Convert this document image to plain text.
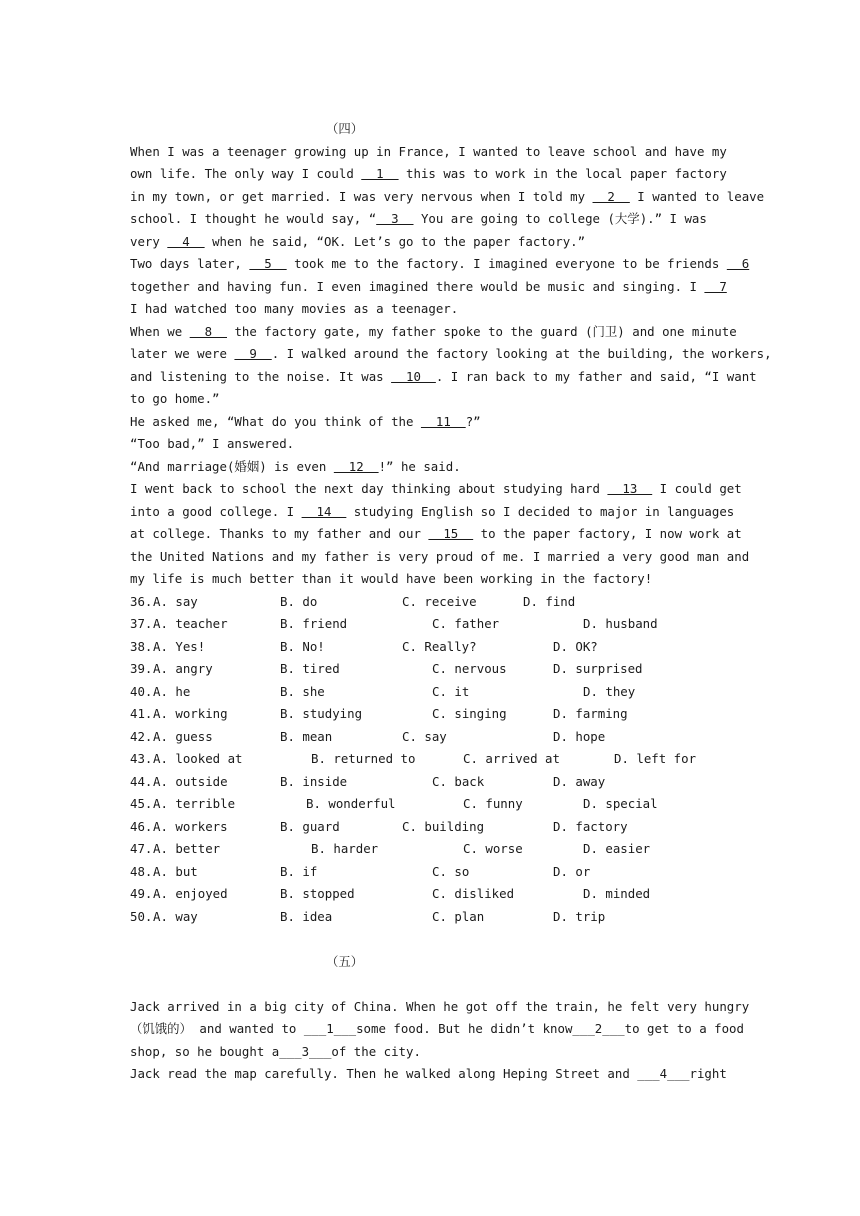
（四）
When I was a teenager growing up in France, I wanted to leave school and have my
own life. The only way I could   1   this was to work in the local paper factory
in my town, or get married. I was very nervous when I told my   2   I wanted to leave
school. I thought he would say, “  3   You are going to college (大学).” I was
very   4   when he said, “OK. Let’s go to the paper factory.”
Two days later,   5   took me to the factory. I imagined everyone to be friends   6
together and having fun. I even imagined there would be music and singing. I   7
I had watched too many movies as a teenager.
When we   8   the factory gate, my father spoke to the guard (门卫) and one minute
later we were   9  . I walked around the factory looking at the building, the workers,
and listening to the noise. It was   10  . I ran back to my father and said, “I want
to go home.”
He asked me, “What do you think of the   11  ?”
“Too bad,” I answered.
“And marriage(婚姻) is even   12  !” he said.
I went back to school the next day thinking about studying hard   13   I could get
into a good college. I   14   studying English so I decided to major in languages
at college. Thanks to my father and our   15   to the paper factory, I now work at
the United Nations and my father is very proud of me. I married a very good man and
my life is much better than it would have been working in the factory!
36. A. say	B. do	C. receive	D. find
37. A. teacher	B. friend	C. father	D. husband
38. A. Yes!	B. No!	C. Really?	D. OK?
39. A. angry	B. tired	C. nervous	D. surprised
40. A. he	B. she	C. it	D. they
41. A. working	B. studying	C. singing	D. farming
42. A. guess	B. mean	C. say	D. hope
43. A. looked at	B. returned to	C. arrived at	D. left for
44. A. outside	B. inside	C. back	D. away
45. A. terrible	B. wonderful	C. funny	D. special
46. A. workers	B. guard	C. building	D. factory
47. A. better	B. harder	C. worse	D. easier
48. A. but	B. if	C. so	D. or
49. A. enjoyed	B. stopped	C. disliked	D. minded
50. A. way	B. idea	C. plan	D. trip
（五）
Jack arrived in a big city of China. When he got off the train, he felt very hungry
（饥饿的） and wanted to ___1___some food. But he didn’t know___2___to get to a food
shop, so he bought a___3___of the city.
Jack read the map carefully. Then he walked along Heping Street and ___4___right
